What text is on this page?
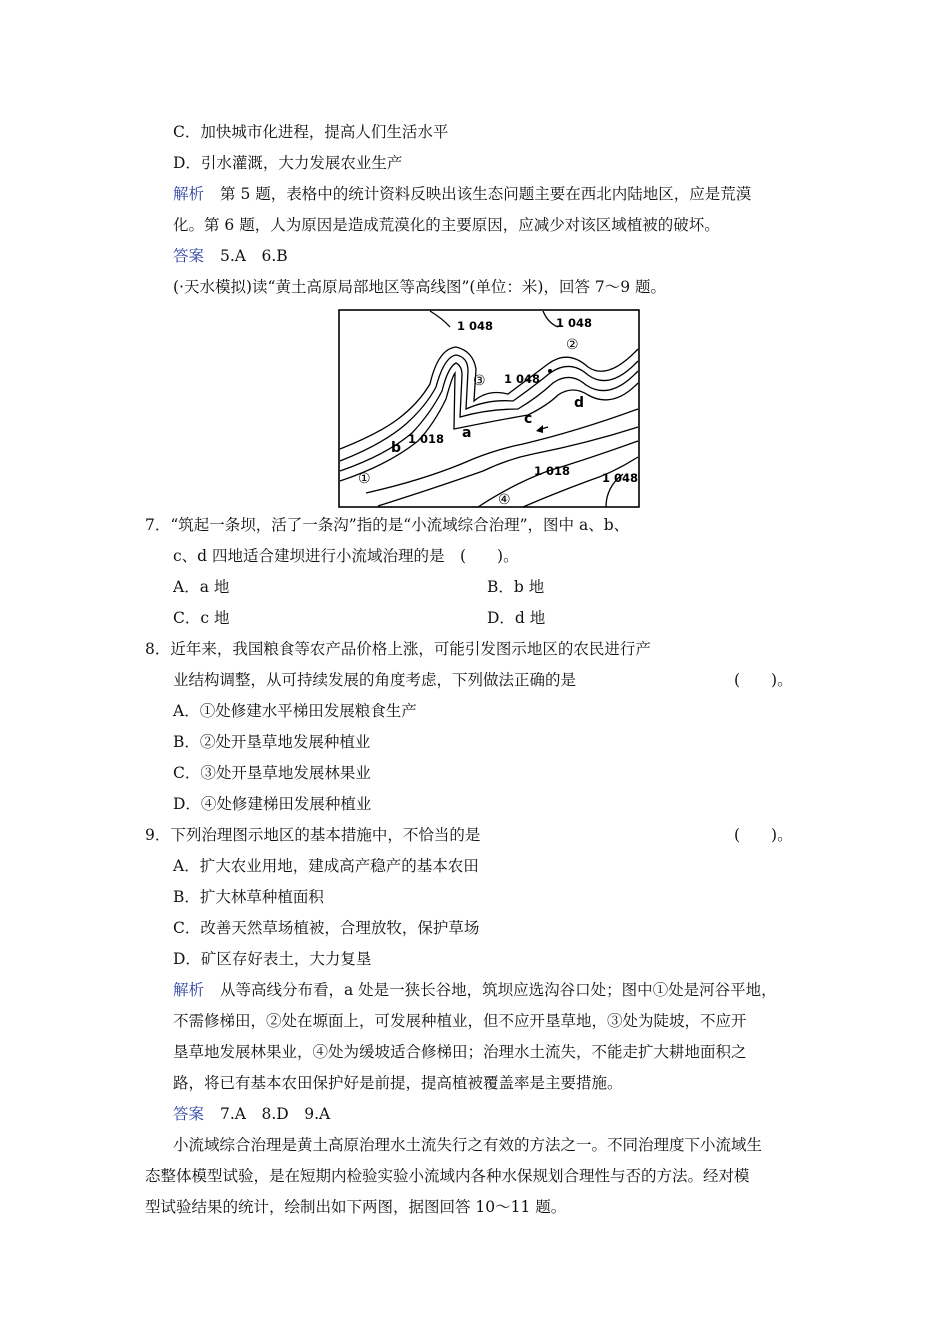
C．加快城市化进程，提高人们生活水平
D．引水灌溉，大力发展农业生产
解析 第 5 题，表格中的统计资料反映出该生态问题主要在西北内陆地区，应是荒漠
化。第 6 题，人为原因是造成荒漠化的主要原因，应减少对该区域植被的破坏。
答案 5.A　6.B
(·天水模拟)读“黄土高原局部地区等高线图”(单位：米)，回答 7～9 题。
1 048	1 048
1 048
1 048
1 018
1 018
a
b
c
d
①
②
③
④
7．“筑起一条坝，活了一条沟”指的是“小流域综合治理”，图中 a、b、
c、d 四地适合建坝进行小流域治理的是 (　　)。
A．a 地	B．b 地
C．c 地	D．d 地
8．近年来，我国粮食等农产品价格上涨，可能引发图示地区的农民进行产
业结构调整，从可持续发展的角度考虑，下列做法正确的是	(　　)。
A．①处修建水平梯田发展粮食生产
B．②处开垦草地发展种植业
C．③处开垦草地发展林果业
D．④处修建梯田发展种植业
9．下列治理图示地区的基本措施中，不恰当的是	(　　)。
A．扩大农业用地，建成高产稳产的基本农田
B．扩大林草种植面积
C．改善天然草场植被，合理放牧，保护草场
D．矿区存好表土，大力复垦
解析 从等高线分布看，a 处是一狭长谷地，筑坝应选沟谷口处；图中①处是河谷平地，
不需修梯田，②处在塬面上，可发展种植业，但不应开垦草地，③处为陡坡，不应开
垦草地发展林果业，④处为缓坡适合修梯田；治理水土流失，不能走扩大耕地面积之
路，将已有基本农田保护好是前提，提高植被覆盖率是主要措施。
答案 7.A　8.D　9.A
小流域综合治理是黄土高原治理水土流失行之有效的方法之一。不同治理度下小流域生
态整体模型试验，是在短期内检验实验小流域内各种水保规划合理性与否的方法。经对模
型试验结果的统计，绘制出如下两图，据图回答 10～11 题。
